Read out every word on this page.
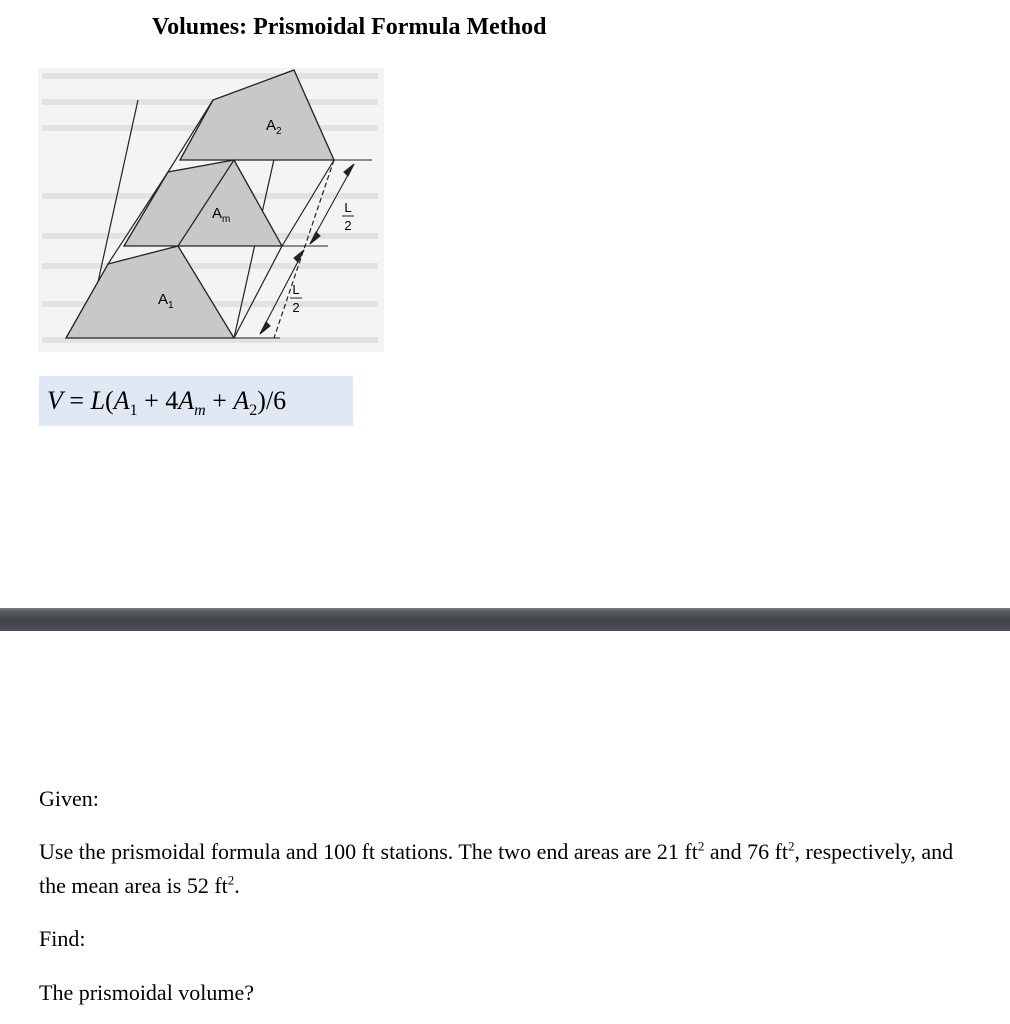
Volumes: Prismoidal Formula Method
$A_2$
$A_m$
$A_1$
L
2
L
2
$V = L(A_1 + 4A_m + A_2)/6$
Given:
Use the prismoidal formula and 100 ft stations. The two end areas are 21 $ft^2$ and 76 $ft^2$, respectively, and the mean area is 52 $ft^2$.
Find:
The prismoidal volume?
